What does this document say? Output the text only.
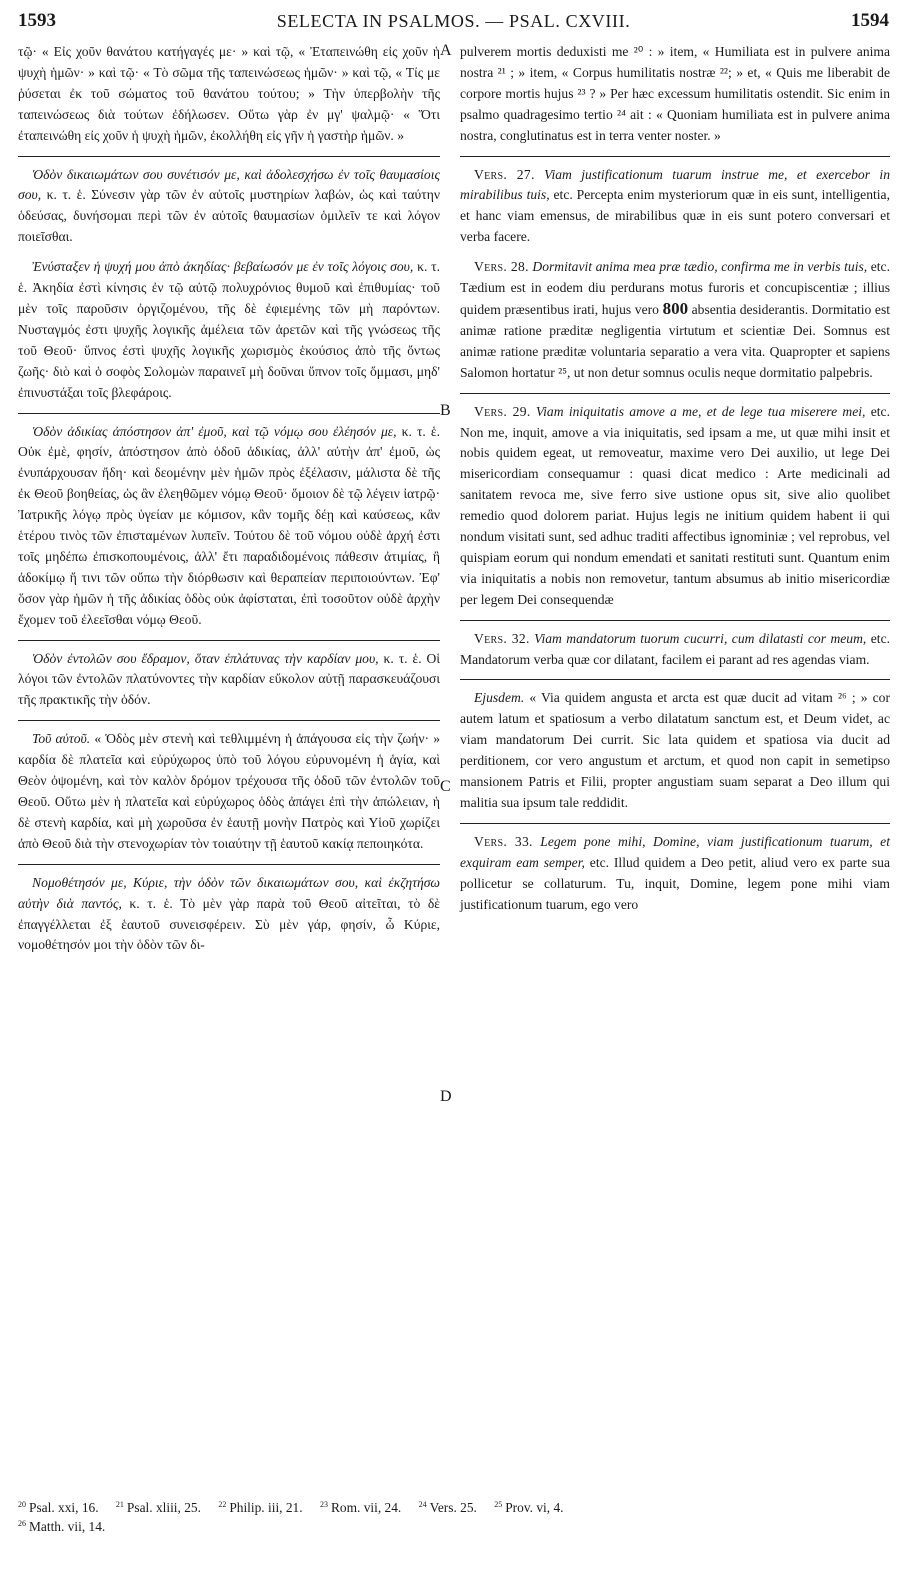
1593	SELECTA IN PSALMOS. — PSAL. CXVIII.	1594
A
B
C
D

τῷ· « Εἰς χοῦν θανάτου κατήγαγές με· » καὶ τῷ, « Ἐταπεινώθη εἰς χοῦν ἡ ψυχὴ ἡμῶν· » καὶ τῷ· « Τὸ σῶμα τῆς ταπεινώσεως ἡμῶν· » καὶ τῷ, « Τίς με ῥύσεται ἐκ τοῦ σώματος τοῦ θανάτου τούτου; » Τὴν ὑπερβολὴν τῆς ταπεινώσεως διὰ τούτων ἐδήλωσεν. Οὕτω γὰρ ἐν μγ' ψαλμῷ· « Ὅτι ἐταπεινώθη εἰς χοῦν ἡ ψυχὴ ἡμῶν, ἐκολλήθη εἰς γῆν ἡ γαστὴρ ἡμῶν. »

Ὁδὸν δικαιωμάτων σου συνέτισόν με, καὶ ἀδολεσχήσω ἐν τοῖς θαυμασίοις σου, κ. τ. ἑ. Σύνεσιν γὰρ τῶν ἐν αὐτοῖς μυστηρίων λαβών, ὡς καὶ ταύτην ὁδεύσας, δυνήσομαι περὶ τῶν ἐν αὐτοῖς θαυμασίων ὁμιλεῖν τε καὶ λόγον ποιεῖσθαι.

Ἐνύσταξεν ἡ ψυχή μου ἀπὸ ἀκηδίας· βεβαίωσόν με ἐν τοῖς λόγοις σου, κ. τ. ἑ. Ἀκηδία ἐστὶ κίνησις ἐν τῷ αὐτῷ πολυχρόνιος θυμοῦ καὶ ἐπιθυμίας· τοῦ μὲν τοῖς παροῦσιν ὀργιζομένου, τῆς δὲ ἐφιεμένης τῶν μὴ παρόντων. Νυσταγμός ἐστι ψυχῆς λογικῆς ἀμέλεια τῶν ἀρετῶν καὶ τῆς γνώσεως τῆς τοῦ Θεοῦ· ὕπνος ἐστὶ ψυχῆς λογικῆς χωρισμὸς ἑκούσιος ἀπὸ τῆς ὄντως ζωῆς· διὸ καὶ ὁ σοφὸς Σολομὼν παραινεῖ μὴ δοῦναι ὕπνον τοῖς ὄμμασι, μηδ' ἐπινυστάξαι τοῖς βλεφάροις.

Ὁδὸν ἀδικίας ἀπόστησον ἀπ' ἐμοῦ, καὶ τῷ νόμῳ σου ἐλέησόν με, κ. τ. ἑ. Οὐκ ἐμὲ, φησίν, ἀπόστησον ἀπὸ ὁδοῦ ἀδικίας, ἀλλ' αὐτὴν ἀπ' ἐμοῦ, ὡς ἐνυπάρχουσαν ἤδη· καὶ δεομένην μὲν ἡμῶν πρὸς ἐξέλασιν, μάλιστα δὲ τῆς ἐκ Θεοῦ βοηθείας, ὡς ἂν ἐλεηθῶμεν νόμῳ Θεοῦ· ὅμοιον δὲ τῷ λέγειν ἰατρῷ· Ἰατρικῆς λόγῳ πρὸς ὑγείαν με κόμισον, κἂν τομῆς δέῃ καὶ καύσεως, κἂν ἑτέρου τινὸς τῶν ἐπισταμένων λυπεῖν. Τούτου δὲ τοῦ νόμου οὐδὲ ἀρχή ἐστι τοῖς μηδέπω ἐπισκοπουμένοις, ἀλλ' ἔτι παραδιδομένοις πάθεσιν ἀτιμίας, ἢ ἀδοκίμῳ ἤ τινι τῶν οὔπω τὴν διόρθωσιν καὶ θεραπείαν περιποιούντων. Ἐφ' ὅσον γὰρ ἡμῶν ἡ τῆς ἀδικίας ὁδὸς οὐκ ἀφίσταται, ἐπὶ τοσοῦτον οὐδὲ ἀρχὴν ἔχομεν τοῦ ἐλεεῖσθαι νόμῳ Θεοῦ.

Ὁδὸν ἐντολῶν σου ἔδραμον, ὅταν ἐπλάτυνας τὴν καρδίαν μου, κ. τ. ἑ. Οἱ λόγοι τῶν ἐντολῶν πλατύνοντες τὴν καρδίαν εὔκολον αὐτῇ παρασκευάζουσι τῆς πρακτικῆς τὴν ὁδόν.

Τοῦ αὐτοῦ. « Ὁδὸς μὲν στενὴ καὶ τεθλιμμένη ἡ ἀπάγουσα εἰς τὴν ζωήν· » καρδία δὲ πλατεῖα καὶ εὐρύχωρος ὑπὸ τοῦ λόγου εὐρυνομένη ἡ ἁγία, καὶ Θεὸν ὀψομένη, καὶ τὸν καλὸν δρόμον τρέχουσα τῆς ὁδοῦ τῶν ἐντολῶν τοῦ Θεοῦ. Οὕτω μὲν ἡ πλατεῖα καὶ εὐρύχωρος ὁδὸς ἀπάγει ἐπὶ τὴν ἀπώλειαν, ἡ δὲ στενὴ καρδία, καὶ μὴ χωροῦσα ἐν ἑαυτῇ μονὴν Πατρὸς καὶ Υἱοῦ χωρίζει ἀπὸ Θεοῦ διὰ τὴν στενοχωρίαν τὸν τοιαύτην τῇ ἑαυτοῦ κακίᾳ πεποιηκότα.

Νομοθέτησόν με, Κύριε, τὴν ὁδὸν τῶν δικαιωμάτων σου, καὶ ἐκζητήσω αὐτὴν διὰ παντός, κ. τ. ἑ. Τὸ μὲν γὰρ παρὰ τοῦ Θεοῦ αἰτεῖται, τὸ δὲ ἐπαγγέλλεται ἐξ ἑαυτοῦ συνεισφέρειν. Σὺ μὲν γάρ, φησίν, ὦ Κύριε, νομοθέτησόν μοι τὴν ὁδὸν τῶν δι-

pulverem mortis deduxisti me ²⁰ : » item, « Humiliata est in pulvere anima nostra ²¹ ; » item, « Corpus humilitatis nostræ ²²; » et, « Quis me liberabit de corpore mortis hujus ²³ ? » Per hæc excessum humilitatis ostendit. Sic enim in psalmo quadragesimo tertio ²⁴ ait : « Quoniam humiliata est in pulvere anima nostra, conglutinatus est in terra venter noster. »

Vers. 27. Viam justificationum tuarum instrue me, et exercebor in mirabilibus tuis, etc. Percepta enim mysteriorum quæ in eis sunt, intelligentia, et hanc viam emensus, de mirabilibus quæ in eis sunt potero conversari et verba facere.

Vers. 28. Dormitavit anima mea præ tædio, confirma me in verbis tuis, etc. Tædium est in eodem diu perdurans motus furoris et concupiscentiæ ; illius quidem præsentibus irati, hujus vero 800 absentia desiderantis. Dormitatio est animæ ratione præditæ negligentia virtutum et scientiæ Dei. Somnus est animæ ratione præditæ voluntaria separatio a vera vita. Quapropter et sapiens Salomon hortatur ²⁵, ut non detur somnus oculis neque dormitatio palpebris.

Vers. 29. Viam iniquitatis amove a me, et de lege tua miserere mei, etc. Non me, inquit, amove a via iniquitatis, sed ipsam a me, ut quæ mihi insit et nobis quidem egeat, ut removeatur, maxime vero Dei auxilio, ut lege Dei misericordiam consequamur : quasi dicat medico : Arte medicinali ad sanitatem revoca me, sive ferro sive ustione opus sit, sive alio quolibet remedio quod dolorem pariat. Hujus legis ne initium quidem habent ii qui nondum visitati sunt, sed adhuc traditi affectibus ignominiæ ; vel reprobus, vel quispiam eorum qui nondum emendati et sanitati restituti sunt. Quantum enim via iniquitatis a nobis non removetur, tantum absumus ab initio misericordiæ per legem Dei consequendæ

Vers. 32. Viam mandatorum tuorum cucurri, cum dilatasti cor meum, etc. Mandatorum verba quæ cor dilatant, facilem ei parant ad res agendas viam.

Ejusdem. « Via quidem angusta et arcta est quæ ducit ad vitam ²⁶ ; » cor autem latum et spatiosum a verbo dilatatum sanctum est, et Deum videt, ac viam mandatorum Dei currit. Sic lata quidem et spatiosa via ducit ad perditionem, cor vero angustum et arctum, et quod non capit in semetipso mansionem Patris et Filii, propter angustiam suam separat a Deo illum qui malitia sua ipsum tale reddidit.

Vers. 33. Legem pone mihi, Domine, viam justificationum tuarum, et exquiram eam semper, etc. Illud quidem a Deo petit, aliud vero ex parte sua pollicetur se collaturum. Tu, inquit, Domine, legem pone mihi viam justificationum tuarum, ego vero

$^{20}$ Psal. xxi, 16. $^{21}$ Psal. xliii, 25. $^{22}$ Philip. iii, 21. $^{23}$ Rom. vii, 24. $^{24}$ Vers. 25. $^{25}$ Prov. vi, 4.
$^{26}$ Matth. vii, 14.
